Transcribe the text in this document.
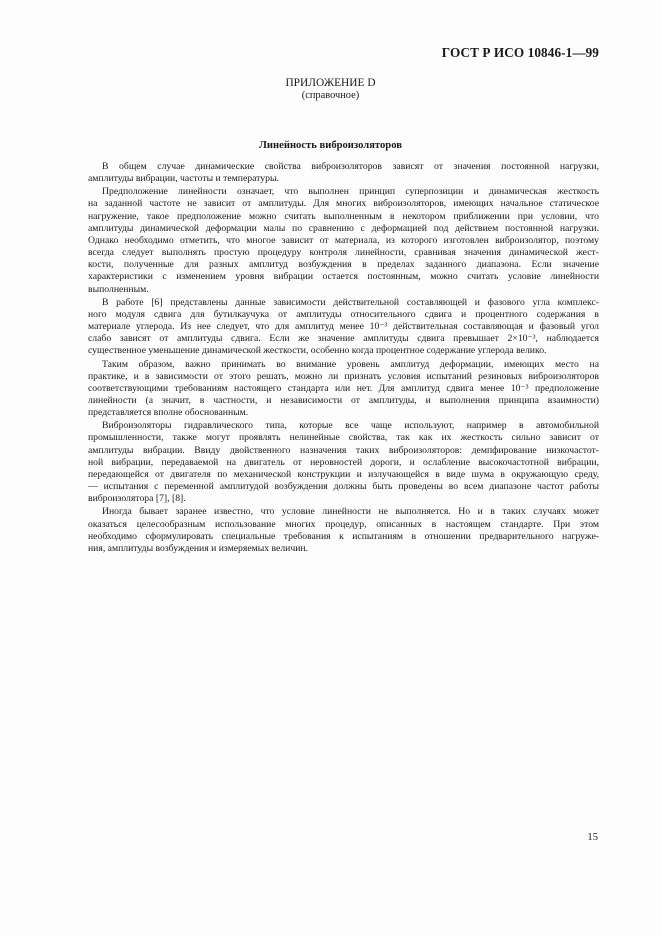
ГОСТ Р ИСО 10846-1—99
ПРИЛОЖЕНИЕ D
(справочное)
Линейность виброизоляторов
В общем случае динамические свойства виброизоляторов зависят от значения постоянной нагрузки,
амплитуды вибрации, частоты и температуры.
Предположение линейности означает, что выполнен принцип суперпозиции и динамическая жесткость
на заданной частоте не зависит от амплитуды. Для многих виброизоляторов, имеющих начальное статическое
нагружение, такое предположение можно считать выполненным в некотором приближении при условии, что
амплитуды динамической деформации малы по сравнению с деформацией под действием постоянной нагрузки.
Однако необходимо отметить, что многое зависит от материала, из которого изготовлен виброизолятор, поэтому
всегда следует выполнять простую процедуру контроля линейности, сравнивая значения динамической жест-
кости, полученные для разных амплитуд возбуждения в пределах заданного диапазона. Если значение
характеристики с изменением уровня вибрации остается постоянным, можно считать условие линейности
выполненным.
В работе [6] представлены данные зависимости действительной составляющей и фазового угла комплекс-
ного модуля сдвига для бутилкаучука от амплитуды относительного сдвига и процентного содержания в
материале углерода. Из нее следует, что для амплитуд менее 10⁻³ действительная составляющая и фазовый угол
слабо зависят от амплитуды сдвига. Если же значение амплитуды сдвига превышает 2×10⁻³, наблюдается
существенное уменьшение динамической жесткости, особенно когда процентное содержание углерода велико.
Таким образом, важно принимать во внимание уровень амплитуд деформации, имеющих место на
практике, и в зависимости от этого решать, можно ли признать условия испытаний резиновых виброизоляторов
соответствующими требованиям настоящего стандарта или нет. Для амплитуд сдвига менее 10⁻³ предположение
линейности (а значит, в частности, и независимости от амплитуды, и выполнения принципа взаимности)
представляется вполне обоснованным.
Виброизоляторы гидравлического типа, которые все чаще используют, например в автомобильной
промышленности, также могут проявлять нелинейные свойства, так как их жесткость сильно зависит от
амплитуды вибрации. Ввиду двойственного назначения таких виброизоляторов: демпфирование низкочастот-
ной вибрации, передаваемой на двигатель от неровностей дороги, и ослабление высокочастотной вибрации,
передающейся от двигателя по механической конструкции и излучающейся в виде шума в окружающую среду,
— испытания с переменной амплитудой возбуждения должны быть проведены во всем диапазоне частот работы
виброизолятора [7], [8].
Иногда бывает заранее известно, что условие линейности не выполняется. Но и в таких случаях может
оказаться целесообразным использование многих процедур, описанных в настоящем стандарте. При этом
необходимо сформулировать специальные требования к испытаниям в отношении предварительного нагруже-
ния, амплитуды возбуждения и измеряемых величин.
15
